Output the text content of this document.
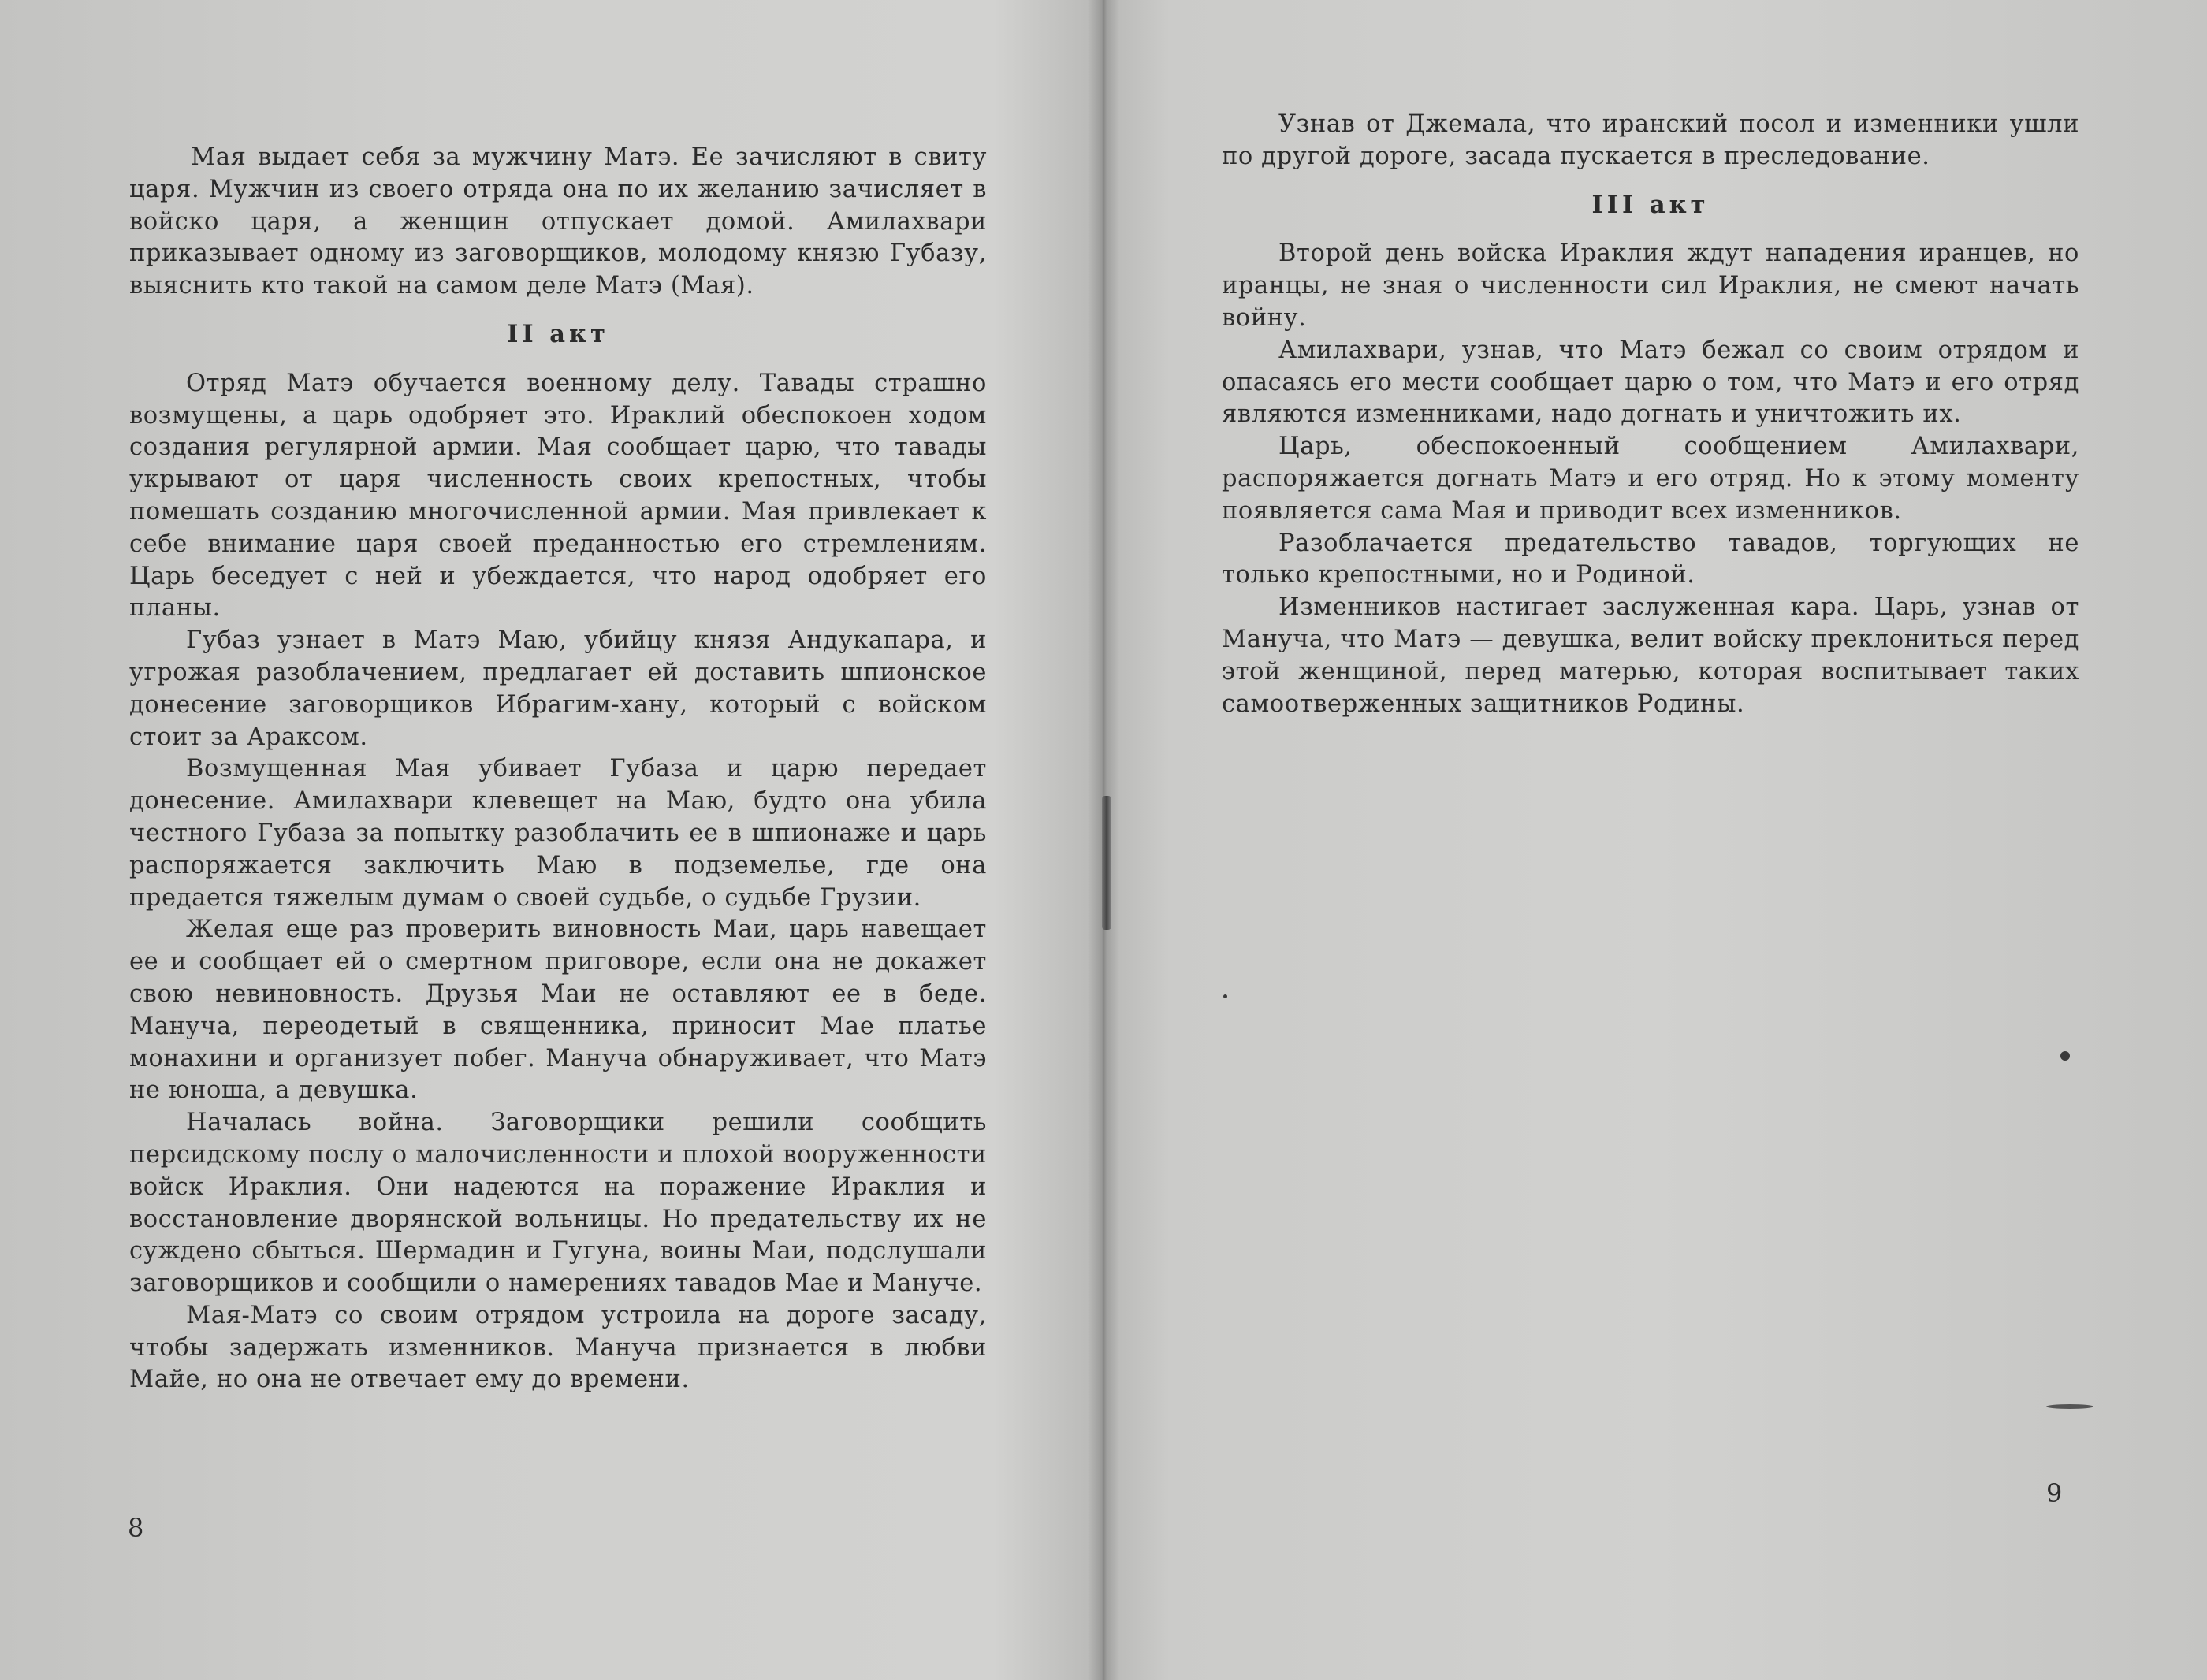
Мая выдает себя за мужчину Матэ. Ее зачисляют в свиту царя. Мужчин из своего отряда она по их желанию зачисляет в войско царя, а женщин отпускает домой. Амилахвари приказывает одному из заговорщиков, молодому князю Губазу, выяснить кто такой на самом деле Матэ (Мая).

II акт

Отряд Матэ обучается военному делу. Тавады страшно возмущены, а царь одобряет это. Ираклий обеспокоен ходом создания регулярной армии. Мая сообщает царю, что тавады укрывают от царя численность своих крепостных, чтобы помешать созданию многочисленной армии. Мая привлекает к себе внимание царя своей преданностью его стремлениям. Царь беседует с ней и убеждается, что народ одобряет его планы.

Губаз узнает в Матэ Маю, убийцу князя Андукапара, и угрожая разоблачением, предлагает ей доставить шпионское донесение заговорщиков Ибрагим-хану, который с войском стоит за Араксом.

Возмущенная Мая убивает Губаза и царю передает донесение. Амилахвари клевещет на Маю, будто она убила честного Губаза за попытку разоблачить ее в шпионаже и царь распоряжается заключить Маю в подземелье, где она предается тяжелым думам о своей судьбе, о судьбе Грузии.

Желая еще раз проверить виновность Маи, царь навещает ее и сообщает ей о смертном приговоре, если она не докажет свою невиновность. Друзья Маи не оставляют ее в беде. Мануча, переодетый в священника, приносит Мае платье монахини и организует побег. Мануча обнаруживает, что Матэ не юноша, а девушка.

Началась война. Заговорщики решили сообщить персидскому послу о малочисленности и плохой вооруженности войск Ираклия. Они надеются на поражение Ираклия и восстановление дворянской вольницы. Но предательству их не суждено сбыться. Шермадин и Гугуна, воины Маи, подслушали заговорщиков и сообщили о намерениях тавадов Мае и Мануче.

Мая-Матэ со своим отрядом устроила на дороге засаду, чтобы задержать изменников. Мануча признается в любви Майе, но она не отвечает ему до времени.

8

Узнав от Джемала, что иранский посол и изменники ушли по другой дороге, засада пускается в преследование.

III акт

Второй день войска Ираклия ждут нападения иранцев, но иранцы, не зная о численности сил Ираклия, не смеют начать войну.

Амилахвари, узнав, что Матэ бежал со своим отрядом и опасаясь его мести сообщает царю о том, что Матэ и его отряд являются изменниками, надо догнать и уничтожить их.

Царь, обеспокоенный сообщением Амилахвари, распоряжается догнать Матэ и его отряд. Но к этому моменту появляется сама Мая и приводит всех изменников.

Разоблачается предательство тавадов, торгующих не только крепостными, но и Родиной.

Изменников настигает заслуженная кара. Царь, узнав от Мануча, что Матэ — девушка, велит войску преклониться перед этой женщиной, перед матерью, которая воспитывает таких самоотверженных защитников Родины.

9
